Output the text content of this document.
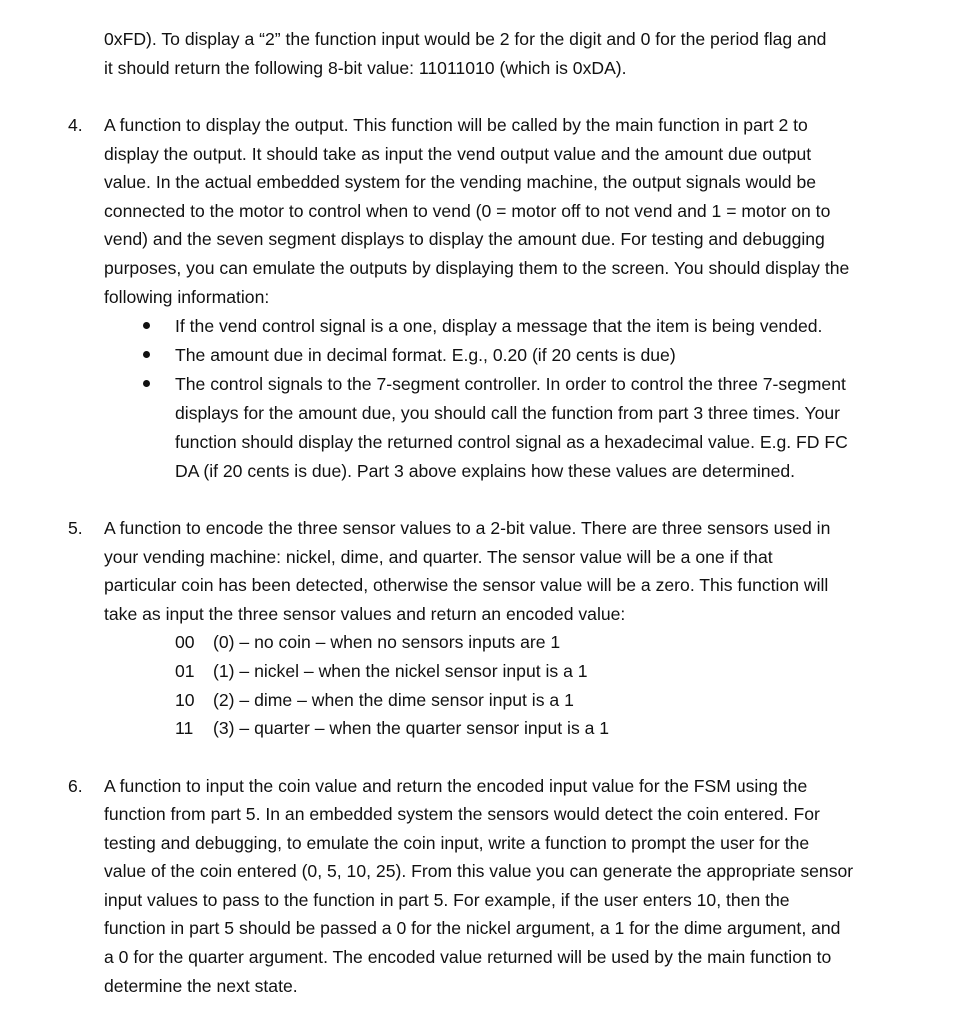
0xFD). To display a “2” the function input would be 2 for the digit and 0 for the period flag and
it should return the following 8-bit value: 11011010 (which is 0xDA).
4. A function to display the output. This function will be called by the main function in part 2 to
display the output. It should take as input the vend output value and the amount due output
value. In the actual embedded system for the vending machine, the output signals would be
connected to the motor to control when to vend (0 = motor off to not vend and 1 = motor on to
vend) and the seven segment displays to display the amount due. For testing and debugging
purposes, you can emulate the outputs by displaying them to the screen. You should display the
following information:
If the vend control signal is a one, display a message that the item is being vended.
The amount due in decimal format. E.g., 0.20 (if 20 cents is due)
The control signals to the 7-segment controller. In order to control the three 7-segment
displays for the amount due, you should call the function from part 3 three times. Your
function should display the returned control signal as a hexadecimal value. E.g. FD FC
DA (if 20 cents is due). Part 3 above explains how these values are determined.
5. A function to encode the three sensor values to a 2-bit value. There are three sensors used in
your vending machine: nickel, dime, and quarter. The sensor value will be a one if that
particular coin has been detected, otherwise the sensor value will be a zero. This function will
take as input the three sensor values and return an encoded value:
00 (0) – no coin – when no sensors inputs are 1
01 (1) – nickel – when the nickel sensor input is a 1
10 (2) – dime – when the dime sensor input is a 1
11 (3) – quarter – when the quarter sensor input is a 1
6. A function to input the coin value and return the encoded input value for the FSM using the
function from part 5. In an embedded system the sensors would detect the coin entered. For
testing and debugging, to emulate the coin input, write a function to prompt the user for the
value of the coin entered (0, 5, 10, 25). From this value you can generate the appropriate sensor
input values to pass to the function in part 5. For example, if the user enters 10, then the
function in part 5 should be passed a 0 for the nickel argument, a 1 for the dime argument, and
a 0 for the quarter argument. The encoded value returned will be used by the main function to
determine the next state.
